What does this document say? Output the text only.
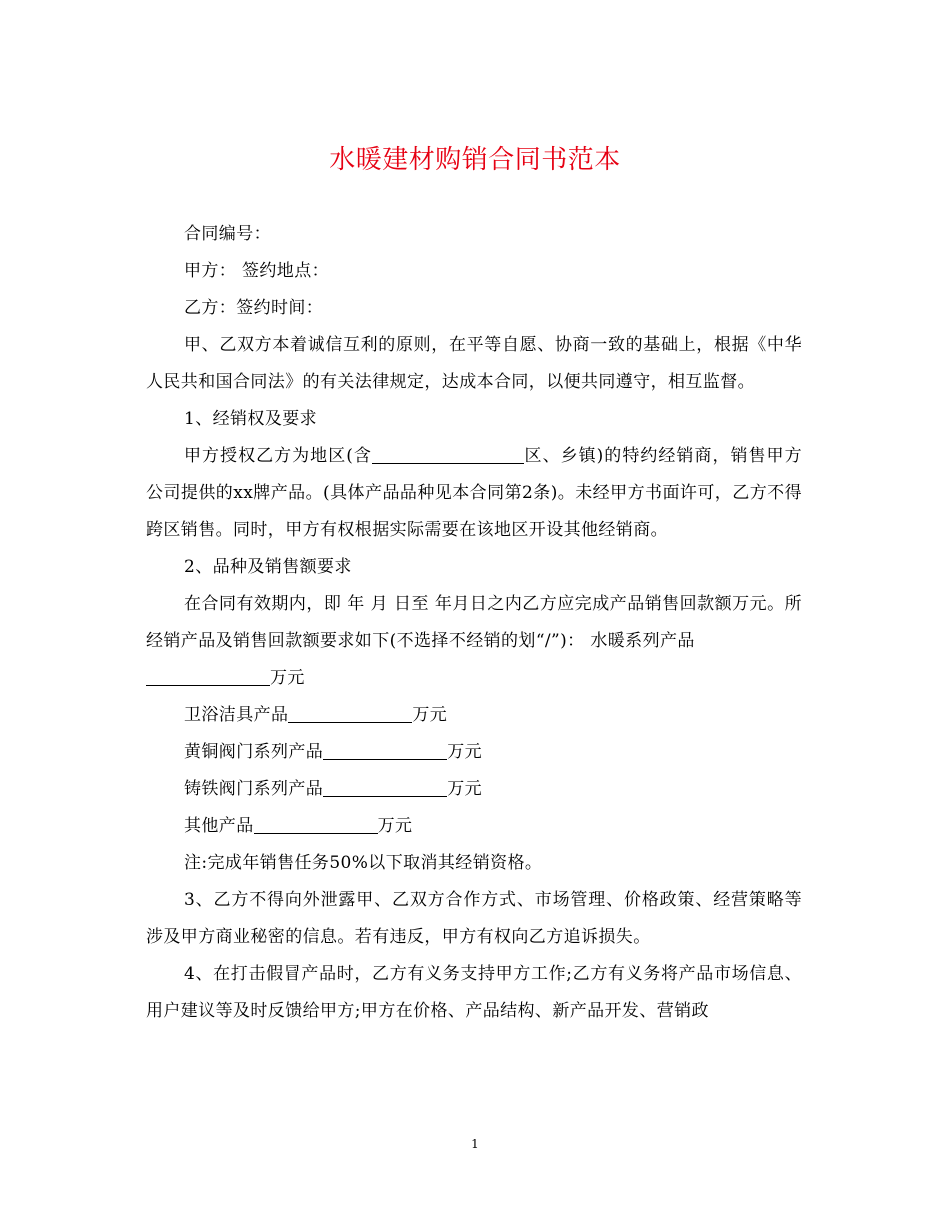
水暖建材购销合同书范本

合同编号：

甲方： 签约地点：

乙方：签约时间：

甲、乙双方本着诚信互利的原则，在平等自愿、协商一致的基础上，根据《中华人民共和国合同法》的有关法律规定，达成本合同，以便共同遵守，相互监督。

1、经销权及要求

甲方授权乙方为地区(含	区、乡镇)的特约经销商，销售甲方公司提供的xx牌产品。(具体产品品种见本合同第2条)。未经甲方书面许可，乙方不得跨区销售。同时，甲方有权根据实际需要在该地区开设其他经销商。

2、品种及销售额要求

在合同有效期内，即 年 月 日至 年月日之内乙方应完成产品销售回款额万元。所经销产品及销售回款额要求如下(不选择不经销的划“/”)： 水暖系列产品

万元

卫浴洁具产品	万元

黄铜阀门系列产品	万元

铸铁阀门系列产品	万元

其他产品	万元

注:完成年销售任务50%以下取消其经销资格。

3、乙方不得向外泄露甲、乙双方合作方式、市场管理、价格政策、经营策略等涉及甲方商业秘密的信息。若有违反，甲方有权向乙方追诉损失。

4、在打击假冒产品时，乙方有义务支持甲方工作;乙方有义务将产品市场信息、用户建议等及时反馈给甲方;甲方在价格、产品结构、新产品开发、营销政

1
